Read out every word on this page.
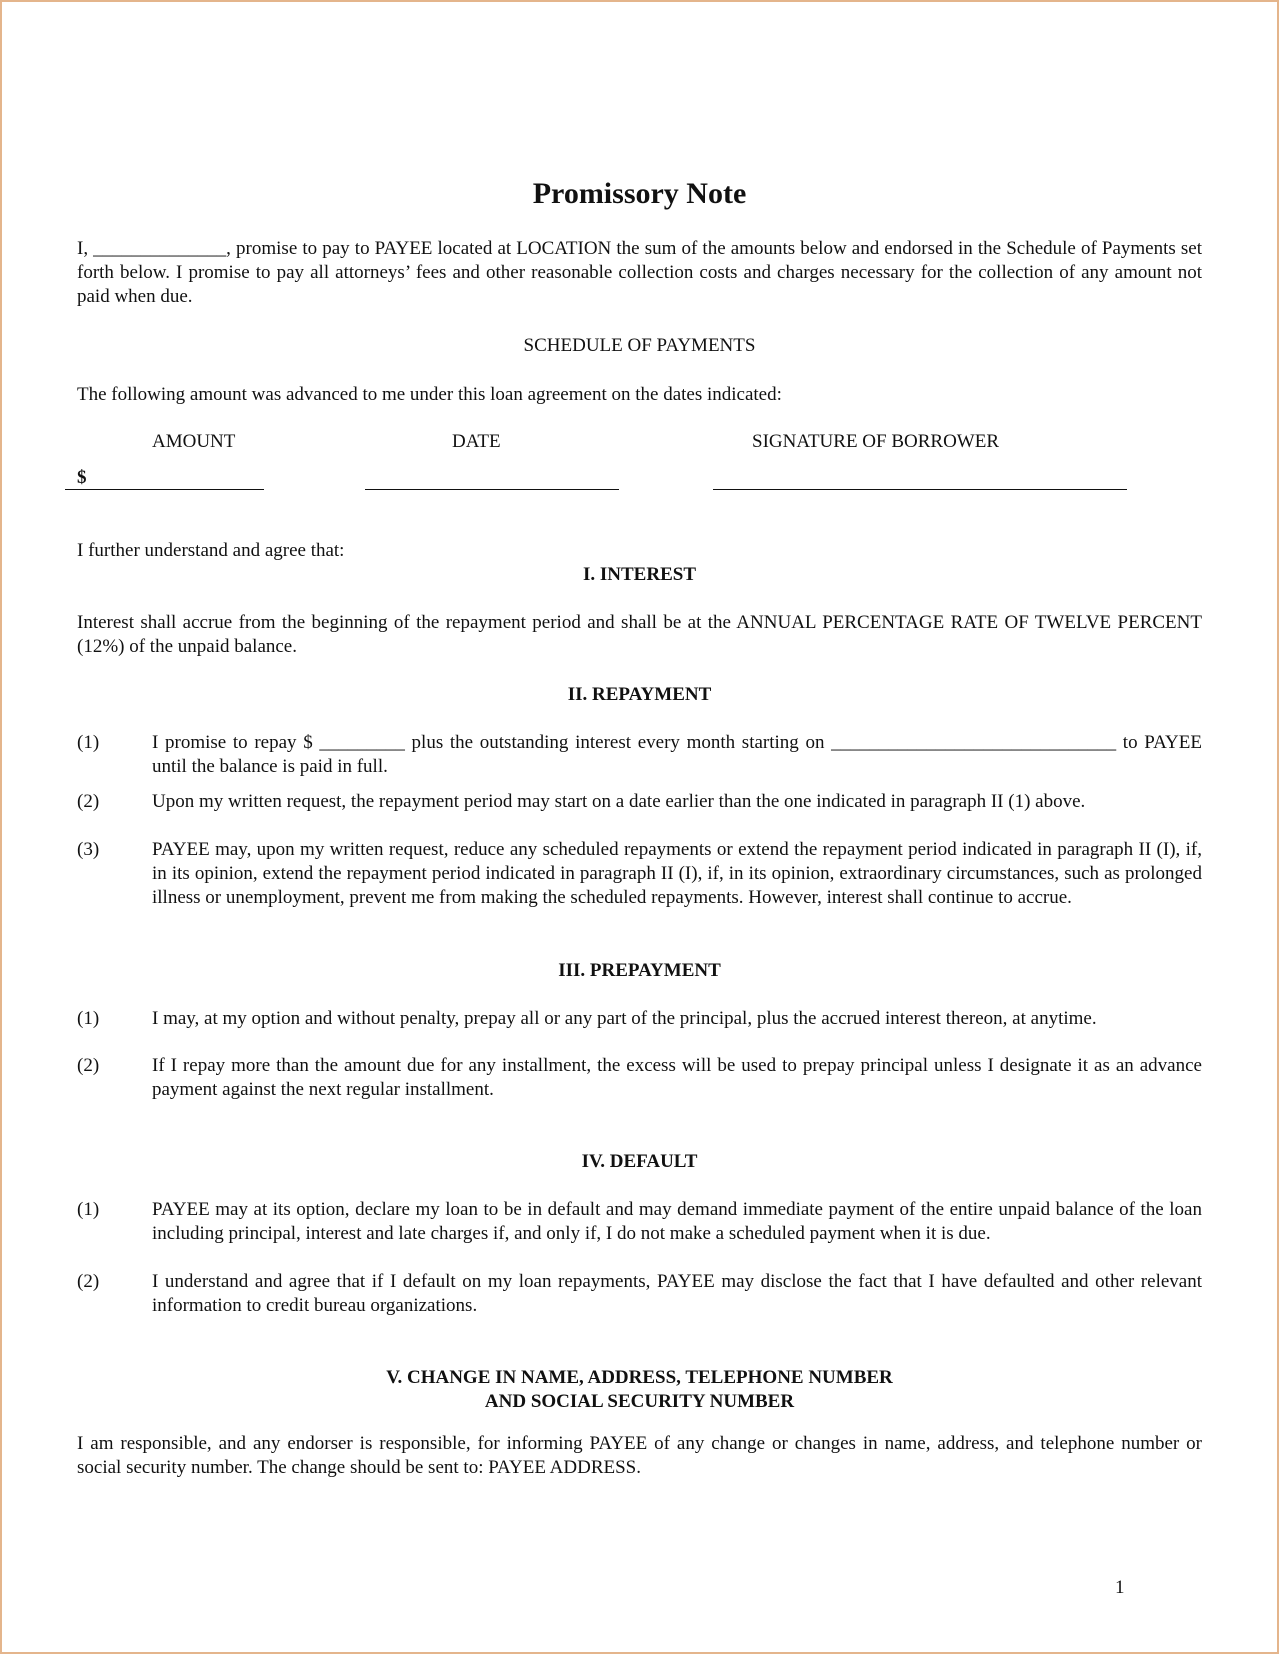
Promissory Note

I, ______________, promise to pay to PAYEE located at LOCATION the sum of the amounts below and endorsed in the Schedule of Payments set forth below. I promise to pay all attorneys’ fees and other reasonable collection costs and charges necessary for the collection of any amount not paid when due.

SCHEDULE OF PAYMENTS

The following amount was advanced to me under this loan agreement on the dates indicated:

AMOUNT	DATE	SIGNATURE OF BORROWER
$

I further understand and agree that:

I. INTEREST

Interest shall accrue from the beginning of the repayment period and shall be at the ANNUAL PERCENTAGE RATE OF TWELVE PERCENT (12%) of the unpaid balance.

II. REPAYMENT

(1)	I promise to repay $ _________ plus the outstanding interest every month starting on ______________________________ to PAYEE until the balance is paid in full.

(2)	Upon my written request, the repayment period may start on a date earlier than the one indicated in paragraph II (1) above.

(3)	PAYEE may, upon my written request, reduce any scheduled repayments or extend the repayment period indicated in paragraph II (I), if, in its opinion, extend the repayment period indicated in paragraph II (I), if, in its opinion, extraordinary circumstances, such as prolonged illness or unemployment, prevent me from making the scheduled repayments. However, interest shall continue to accrue.

III. PREPAYMENT

(1)	I may, at my option and without penalty, prepay all or any part of the principal, plus the accrued interest thereon, at anytime.

(2)	If I repay more than the amount due for any installment, the excess will be used to prepay principal unless I designate it as an advance payment against the next regular installment.

IV. DEFAULT

(1)	PAYEE may at its option, declare my loan to be in default and may demand immediate payment of the entire unpaid balance of the loan including principal, interest and late charges if, and only if, I do not make a scheduled payment when it is due.

(2)	I understand and agree that if I default on my loan repayments, PAYEE may disclose the fact that I have defaulted and other relevant information to credit bureau organizations.

V. CHANGE IN NAME, ADDRESS, TELEPHONE NUMBER

AND SOCIAL SECURITY NUMBER

I am responsible, and any endorser is responsible, for informing PAYEE of any change or changes in name, address, and telephone number or social security number. The change should be sent to: PAYEE ADDRESS.

1
